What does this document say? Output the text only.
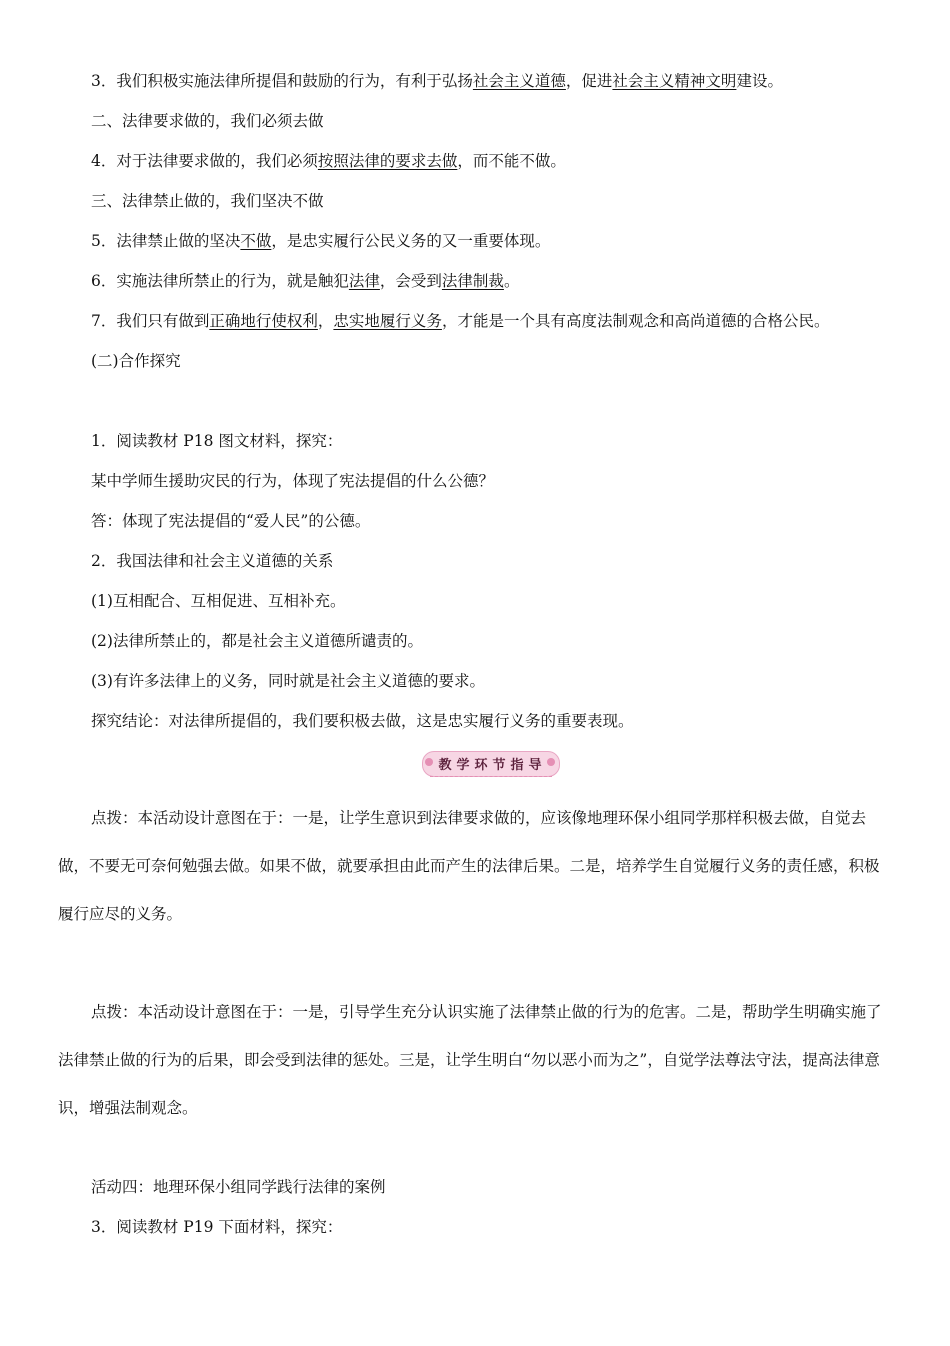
3．我们积极实施法律所提倡和鼓励的行为，有利于弘扬社会主义道德，促进社会主义精神文明建设。
二、法律要求做的，我们必须去做
4．对于法律要求做的，我们必须按照法律的要求去做，而不能不做。
三、法律禁止做的，我们坚决不做
5．法律禁止做的坚决不做，是忠实履行公民义务的又一重要体现。
6．实施法律所禁止的行为，就是触犯法律，会受到法律制裁。
7．我们只有做到正确地行使权利，忠实地履行义务，才能是一个具有高度法制观念和高尚道德的合格公民。
(二)合作探究
1．阅读教材 P18 图文材料，探究：
某中学师生援助灾民的行为，体现了宪法提倡的什么公德？
答：体现了宪法提倡的“爱人民”的公德。
2．我国法律和社会主义道德的关系
(1)互相配合、互相促进、互相补充。
(2)法律所禁止的，都是社会主义道德所谴责的。
(3)有许多法律上的义务，同时就是社会主义道德的要求。
探究结论：对法律所提倡的，我们要积极去做，这是忠实履行义务的重要表现。
教 学 环 节 指 导
点拨：本活动设计意图在于：一是，让学生意识到法律要求做的，应该像地理环保小组同学那样积极去做，自觉去做，不要无可奈何勉强去做。如果不做，就要承担由此而产生的法律后果。二是，培养学生自觉履行义务的责任感，积极履行应尽的义务。
点拨：本活动设计意图在于：一是，引导学生充分认识实施了法律禁止做的行为的危害。二是，帮助学生明确实施了法律禁止做的行为的后果，即会受到法律的惩处。三是，让学生明白“勿以恶小而为之”，自觉学法尊法守法，提高法律意识，增强法制观念。
活动四：地理环保小组同学践行法律的案例
3．阅读教材 P19 下面材料，探究：
